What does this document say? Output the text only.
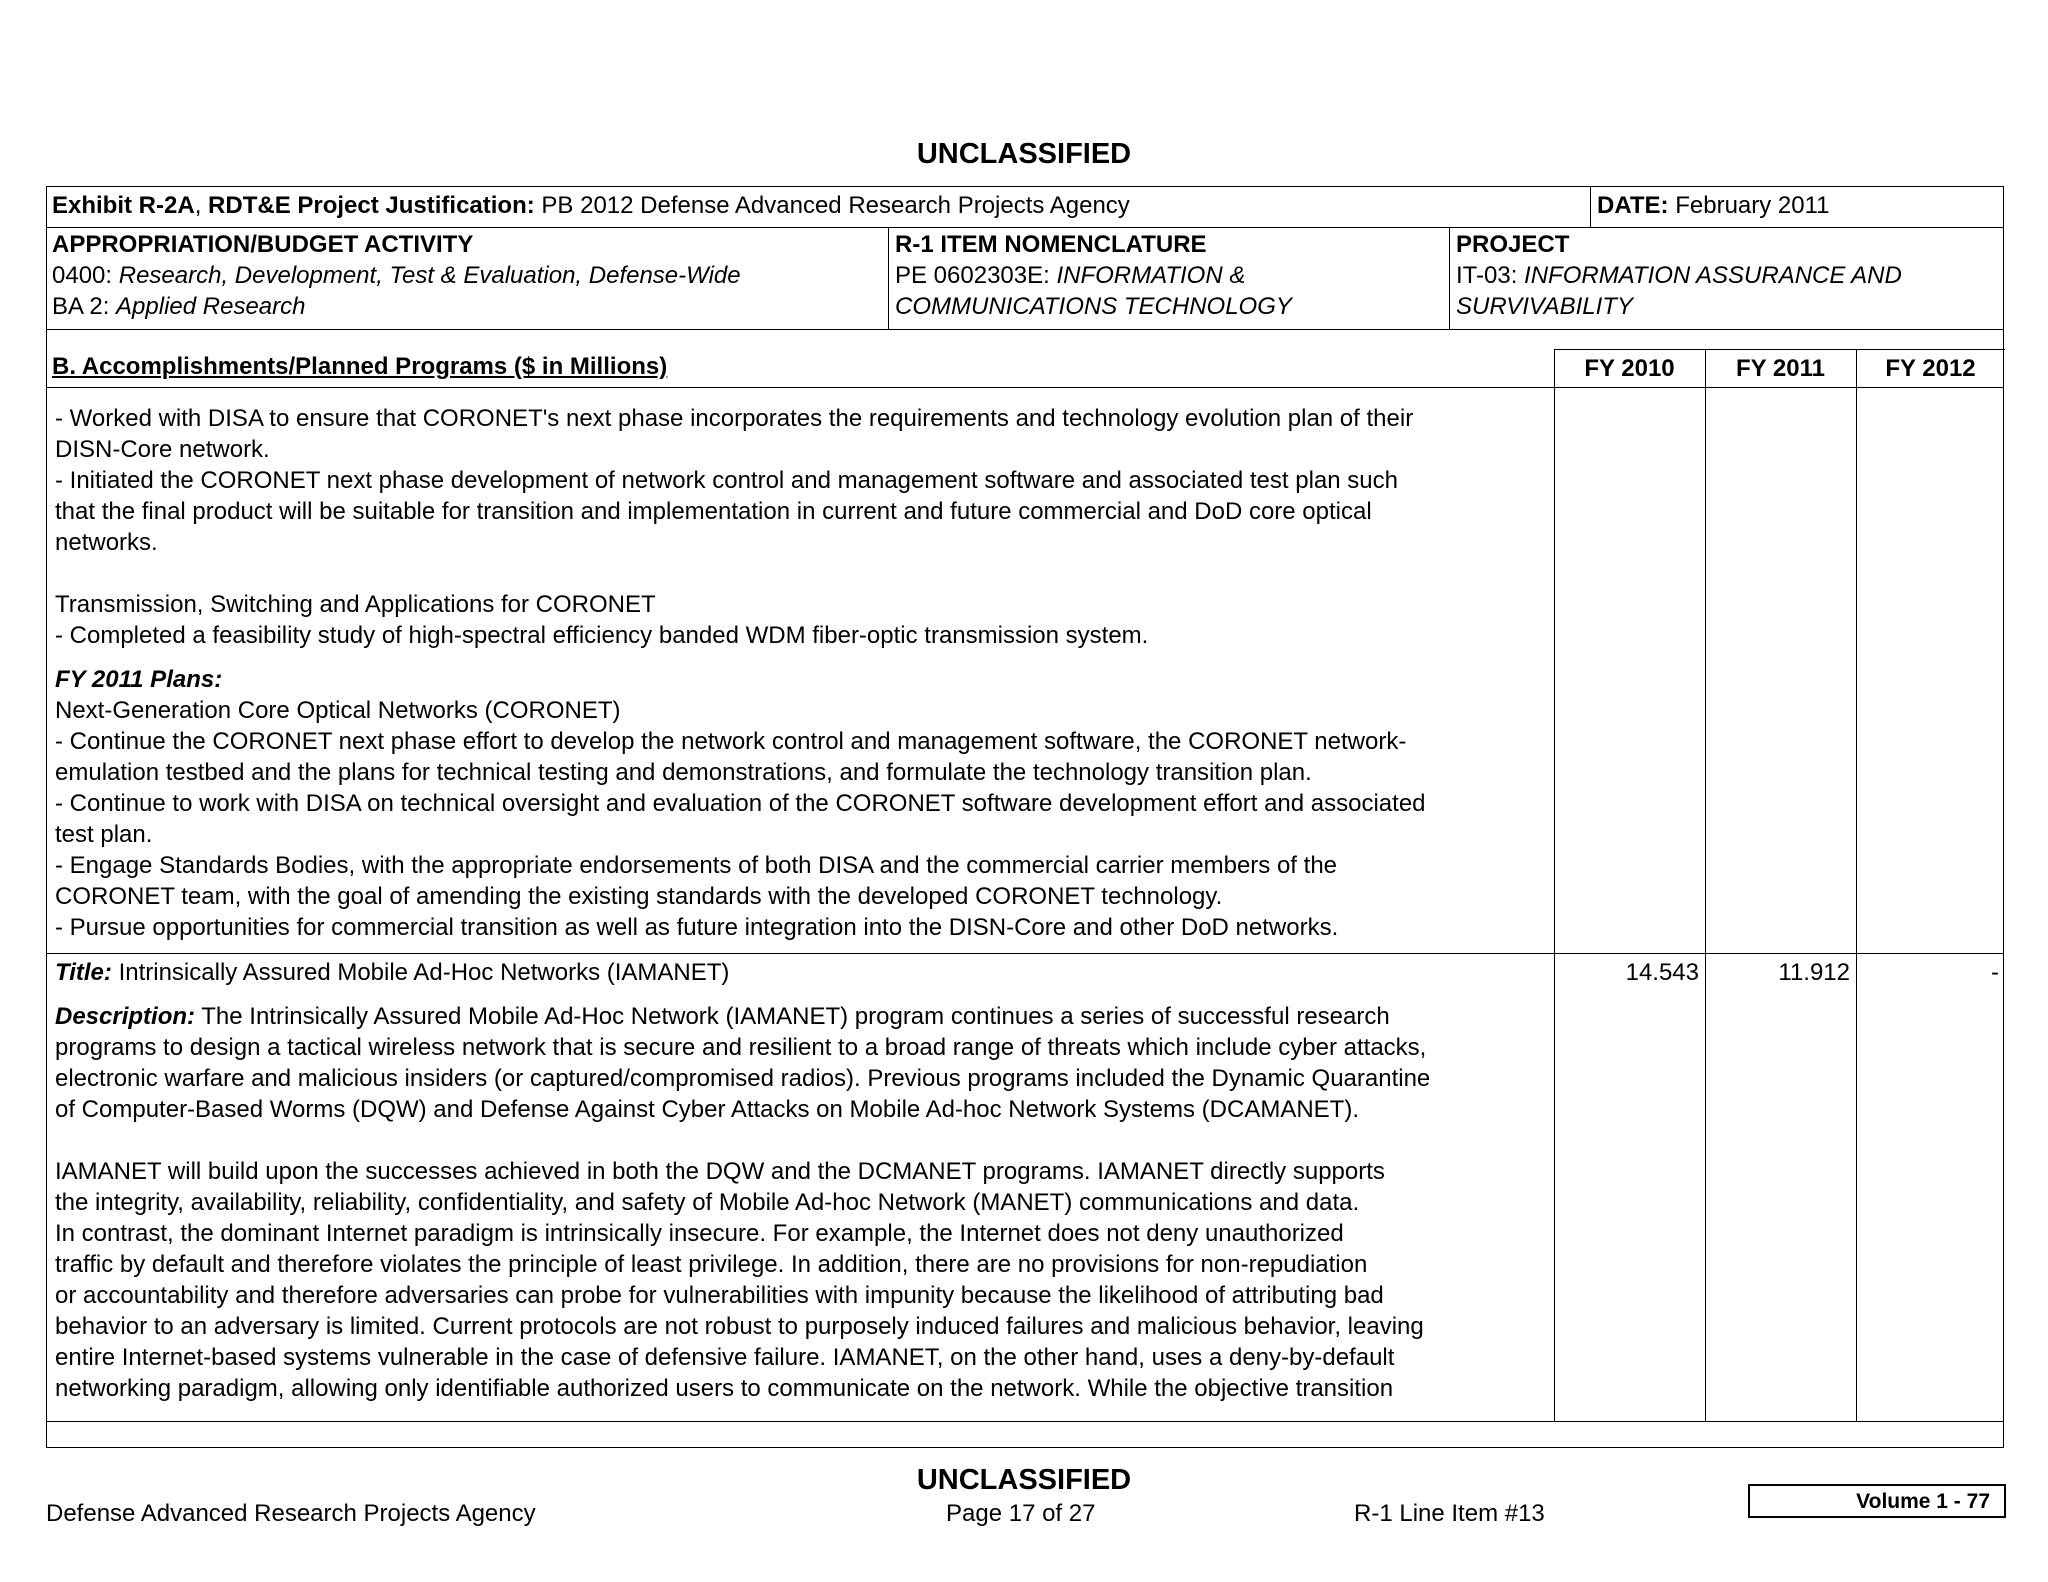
UNCLASSIFIED
Exhibit R-2A, RDT&E Project Justification: PB 2012 Defense Advanced Research Projects Agency	DATE: February 2011
APPROPRIATION/BUDGET ACTIVITY
0400: Research, Development, Test & Evaluation, Defense-Wide
BA 2: Applied Research
R-1 ITEM NOMENCLATURE
PE 0602303E: INFORMATION &
COMMUNICATIONS TECHNOLOGY
PROJECT
IT-03: INFORMATION ASSURANCE AND
SURVIVABILITY
B. Accomplishments/Planned Programs ($ in Millions)	FY 2010	FY 2011	FY 2012
- Worked with DISA to ensure that CORONET's next phase incorporates the requirements and technology evolution plan of their
DISN-Core network.
- Initiated the CORONET next phase development of network control and management software and associated test plan such
that the final product will be suitable for transition and implementation in current and future commercial and DoD core optical
networks.
Transmission, Switching and Applications for CORONET
- Completed a feasibility study of high-spectral efficiency banded WDM fiber-optic transmission system.
FY 2011 Plans:
Next-Generation Core Optical Networks (CORONET)
- Continue the CORONET next phase effort to develop the network control and management software, the CORONET network-
emulation testbed and the plans for technical testing and demonstrations, and formulate the technology transition plan.
- Continue to work with DISA on technical oversight and evaluation of the CORONET software development effort and associated
test plan.
- Engage Standards Bodies, with the appropriate endorsements of both DISA and the commercial carrier members of the
CORONET team, with the goal of amending the existing standards with the developed CORONET technology.
- Pursue opportunities for commercial transition as well as future integration into the DISN-Core and other DoD networks.
Title: Intrinsically Assured Mobile Ad-Hoc Networks (IAMANET)
Description: The Intrinsically Assured Mobile Ad-Hoc Network (IAMANET) program continues a series of successful research
programs to design a tactical wireless network that is secure and resilient to a broad range of threats which include cyber attacks,
electronic warfare and malicious insiders (or captured/compromised radios). Previous programs included the Dynamic Quarantine
of Computer-Based Worms (DQW) and Defense Against Cyber Attacks on Mobile Ad-hoc Network Systems (DCAMANET).
IAMANET will build upon the successes achieved in both the DQW and the DCMANET programs. IAMANET directly supports
the integrity, availability, reliability, confidentiality, and safety of Mobile Ad-hoc Network (MANET) communications and data.
In contrast, the dominant Internet paradigm is intrinsically insecure. For example, the Internet does not deny unauthorized
traffic by default and therefore violates the principle of least privilege. In addition, there are no provisions for non-repudiation
or accountability and therefore adversaries can probe for vulnerabilities with impunity because the likelihood of attributing bad
behavior to an adversary is limited. Current protocols are not robust to purposely induced failures and malicious behavior, leaving
entire Internet-based systems vulnerable in the case of defensive failure. IAMANET, on the other hand, uses a deny-by-default
networking paradigm, allowing only identifiable authorized users to communicate on the network. While the objective transition
14.543	11.912	-
UNCLASSIFIED
Defense Advanced Research Projects Agency	Page 17 of 27	R-1 Line Item #13	Volume 1 - 77
